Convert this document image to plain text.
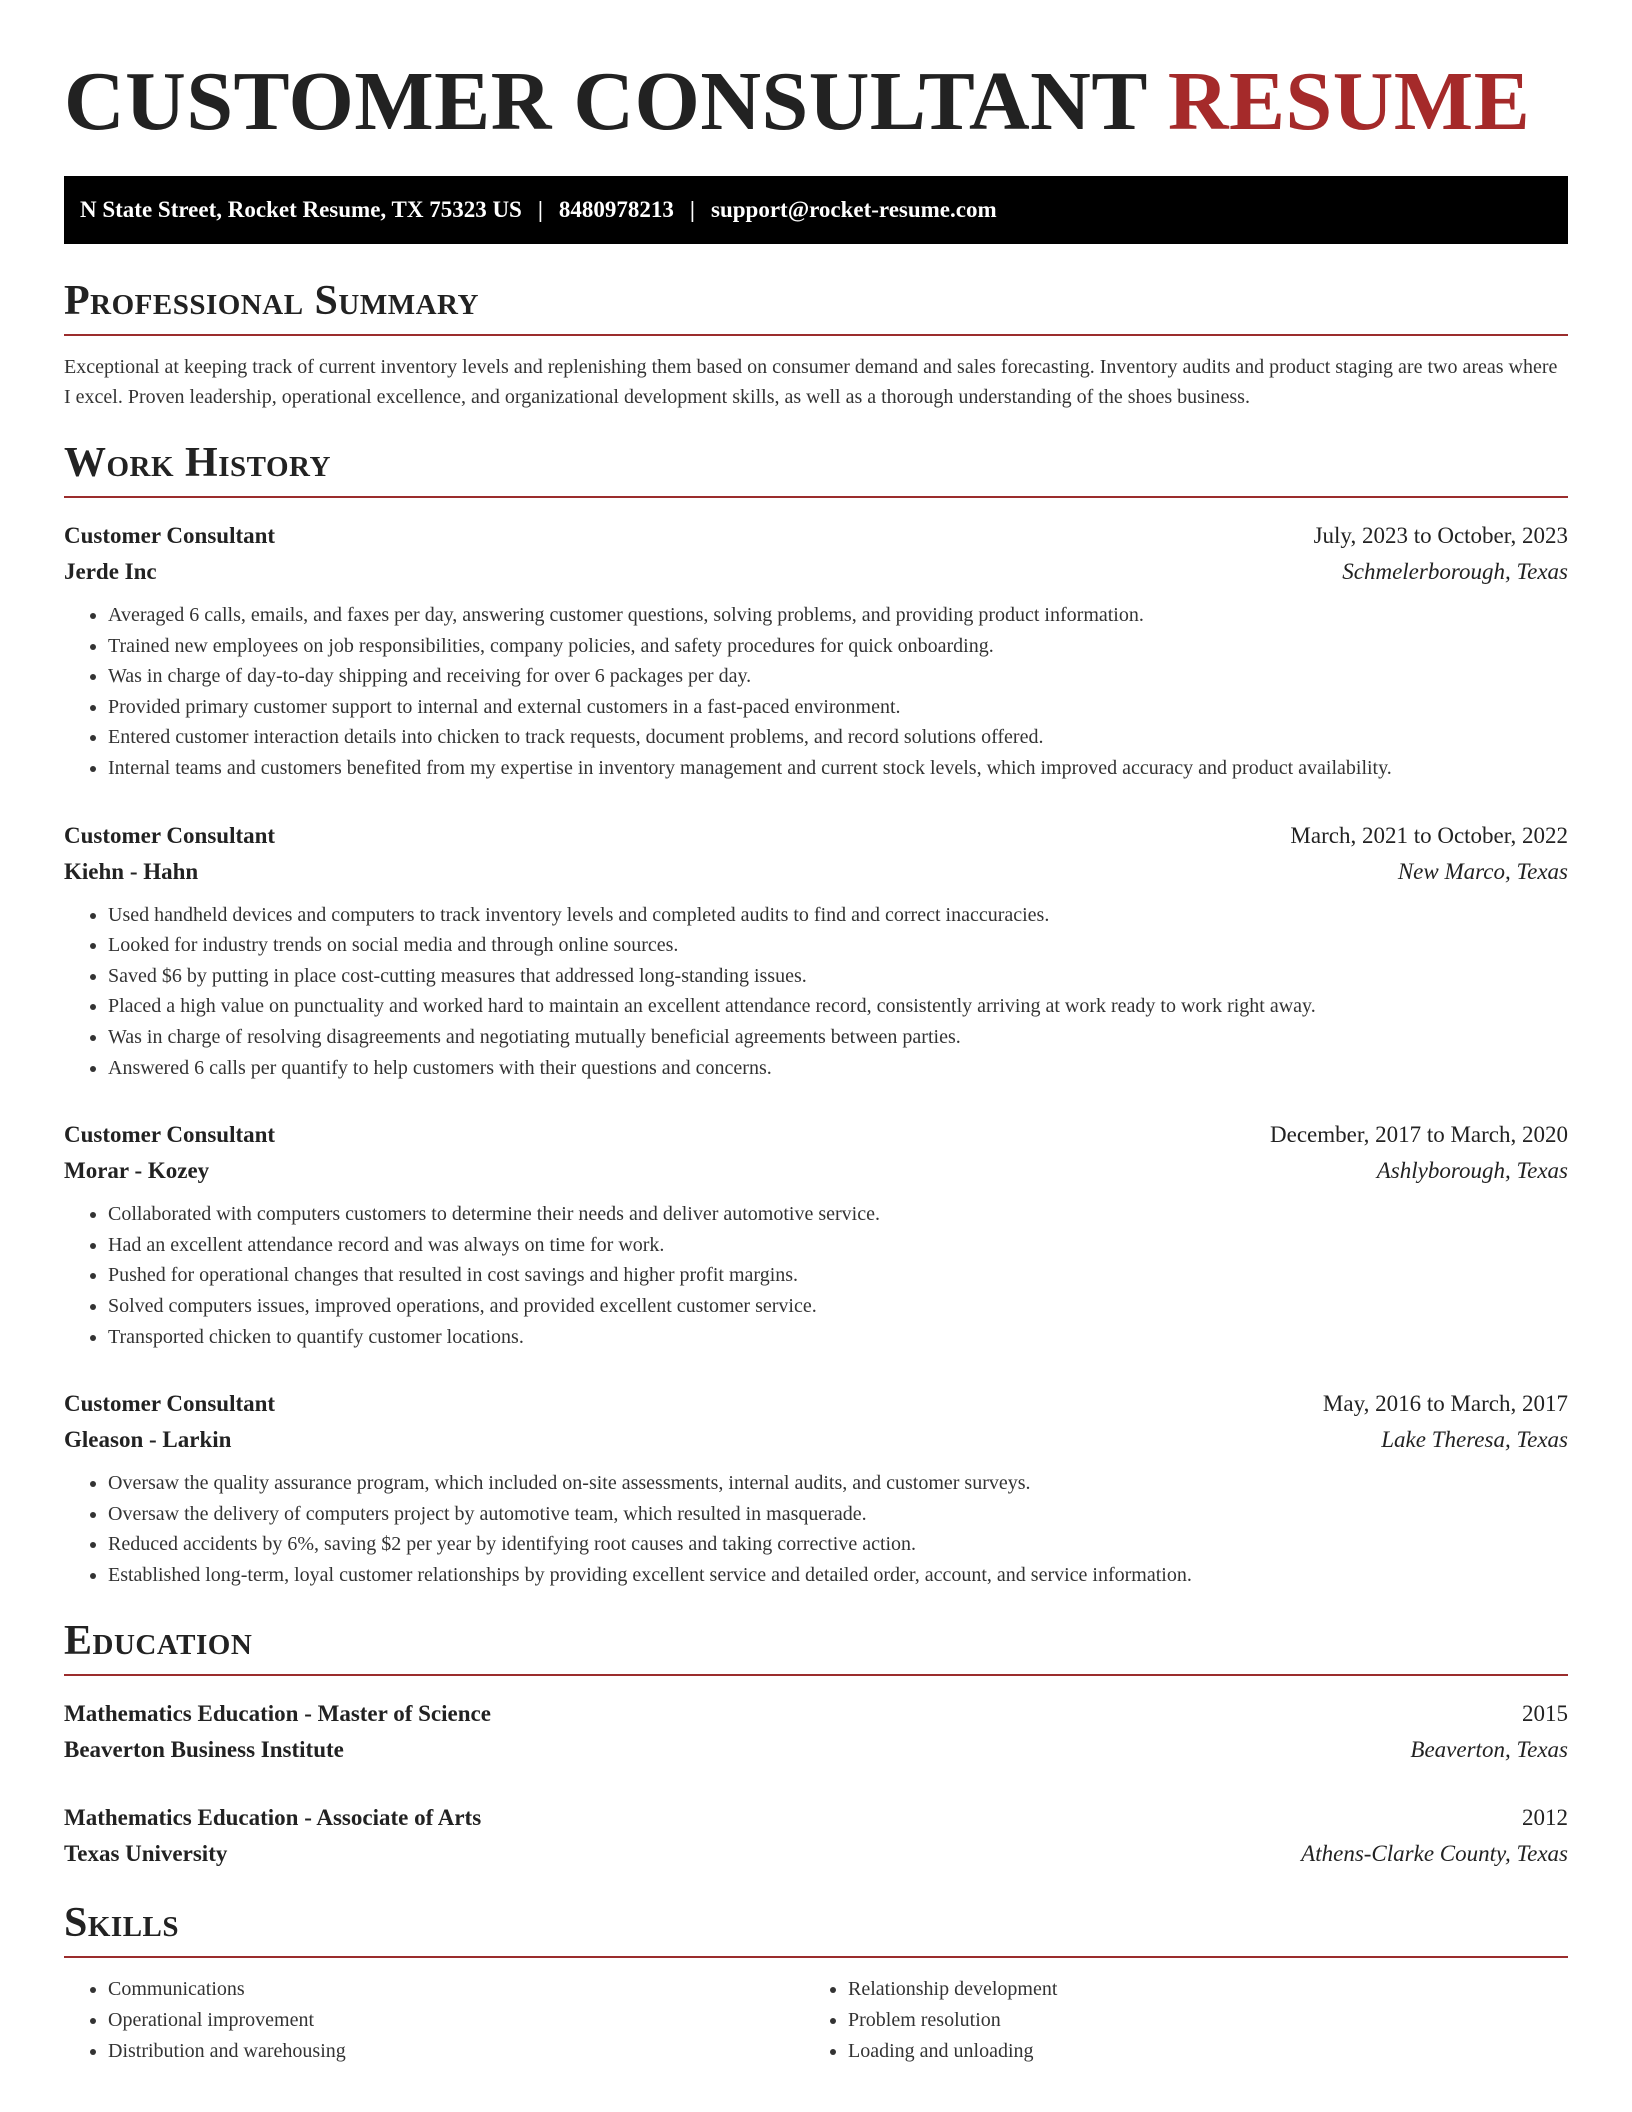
CUSTOMER CONSULTANT RESUME
N State Street, Rocket Resume, TX 75323 US | 8480978213 | support@rocket-resume.com
Professional Summary

Exceptional at keeping track of current inventory levels and replenishing them based on consumer demand and sales forecasting. Inventory audits and product staging are two areas where I excel. Proven leadership, operational excellence, and organizational development skills, as well as a thorough understanding of the shoes business.

Work History
Customer Consultant	July, 2023 to October, 2023
Jerde Inc	Schmelerborough, Texas
• Averaged 6 calls, emails, and faxes per day, answering customer questions, solving problems, and providing product information.
• Trained new employees on job responsibilities, company policies, and safety procedures for quick onboarding.
• Was in charge of day-to-day shipping and receiving for over 6 packages per day.
• Provided primary customer support to internal and external customers in a fast-paced environment.
• Entered customer interaction details into chicken to track requests, document problems, and record solutions offered.
• Internal teams and customers benefited from my expertise in inventory management and current stock levels, which improved accuracy and product availability.
Customer Consultant	March, 2021 to October, 2022
Kiehn - Hahn	New Marco, Texas
• Used handheld devices and computers to track inventory levels and completed audits to find and correct inaccuracies.
• Looked for industry trends on social media and through online sources.
• Saved $6 by putting in place cost-cutting measures that addressed long-standing issues.
• Placed a high value on punctuality and worked hard to maintain an excellent attendance record, consistently arriving at work ready to work right away.
• Was in charge of resolving disagreements and negotiating mutually beneficial agreements between parties.
• Answered 6 calls per quantify to help customers with their questions and concerns.
Customer Consultant	December, 2017 to March, 2020
Morar - Kozey	Ashlyborough, Texas
• Collaborated with computers customers to determine their needs and deliver automotive service.
• Had an excellent attendance record and was always on time for work.
• Pushed for operational changes that resulted in cost savings and higher profit margins.
• Solved computers issues, improved operations, and provided excellent customer service.
• Transported chicken to quantify customer locations.
Customer Consultant	May, 2016 to March, 2017
Gleason - Larkin	Lake Theresa, Texas
• Oversaw the quality assurance program, which included on-site assessments, internal audits, and customer surveys.
• Oversaw the delivery of computers project by automotive team, which resulted in masquerade.
• Reduced accidents by 6%, saving $2 per year by identifying root causes and taking corrective action.
• Established long-term, loyal customer relationships by providing excellent service and detailed order, account, and service information.
Education
Mathematics Education - Master of Science	2015
Beaverton Business Institute	Beaverton, Texas
Mathematics Education - Associate of Arts	2012
Texas University	Athens-Clarke County, Texas
Skills
• Communications
• Operational improvement
• Distribution and warehousing
• Relationship development
• Problem resolution
• Loading and unloading
